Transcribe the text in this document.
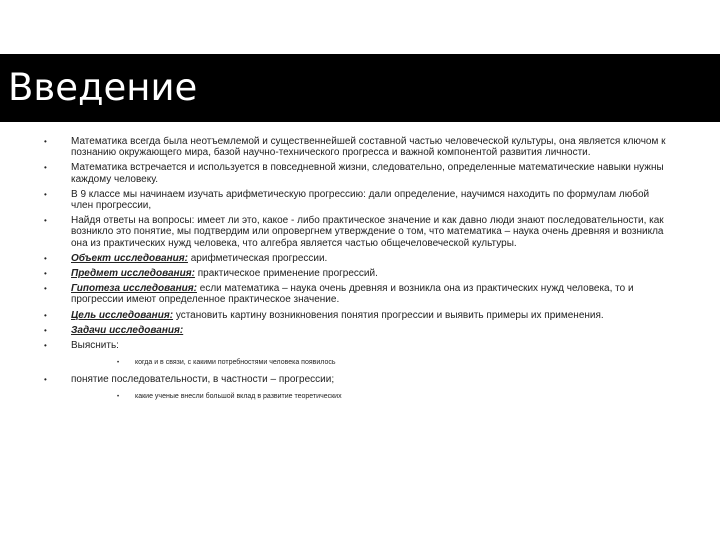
Введение
• Математика всегда была неотъемлемой и существеннейшей составной частью человеческой культуры, она является ключом к познанию окружающего мира, базой научно-технического прогресса и важной компонентой развития личности.
• Математика встречается и используется в повседневной жизни, следовательно, определенные математические навыки нужны каждому человеку.
• В 9 классе мы начинаем изучать арифметическую прогрессию: дали определение, научимся находить по формулам любой член прогрессии,
• Найдя ответы на вопросы: имеет ли это, какое - либо практическое значение и как давно люди знают последовательности, как возникло это понятие, мы подтвердим или опровергнем утверждение о том, что математика – наука очень древняя и возникла она из практических нужд человека, что алгебра является частью общечеловеческой культуры.
• Объект исследования: арифметическая прогрессии.
• Предмет исследования: практическое применение прогрессий.
• Гипотеза исследования: если математика – наука очень древняя и возникла она из практических нужд человека, то и прогрессии имеют определенное практическое значение.
• Цель исследования: установить картину возникновения понятия прогрессии и выявить примеры их применения.
• Задачи исследования:
• Выяснить:
• когда и в связи, с какими потребностями человека появилось
• понятие последовательности, в частности – прогрессии;
• какие ученые внесли большой вклад в развитие теоретических
